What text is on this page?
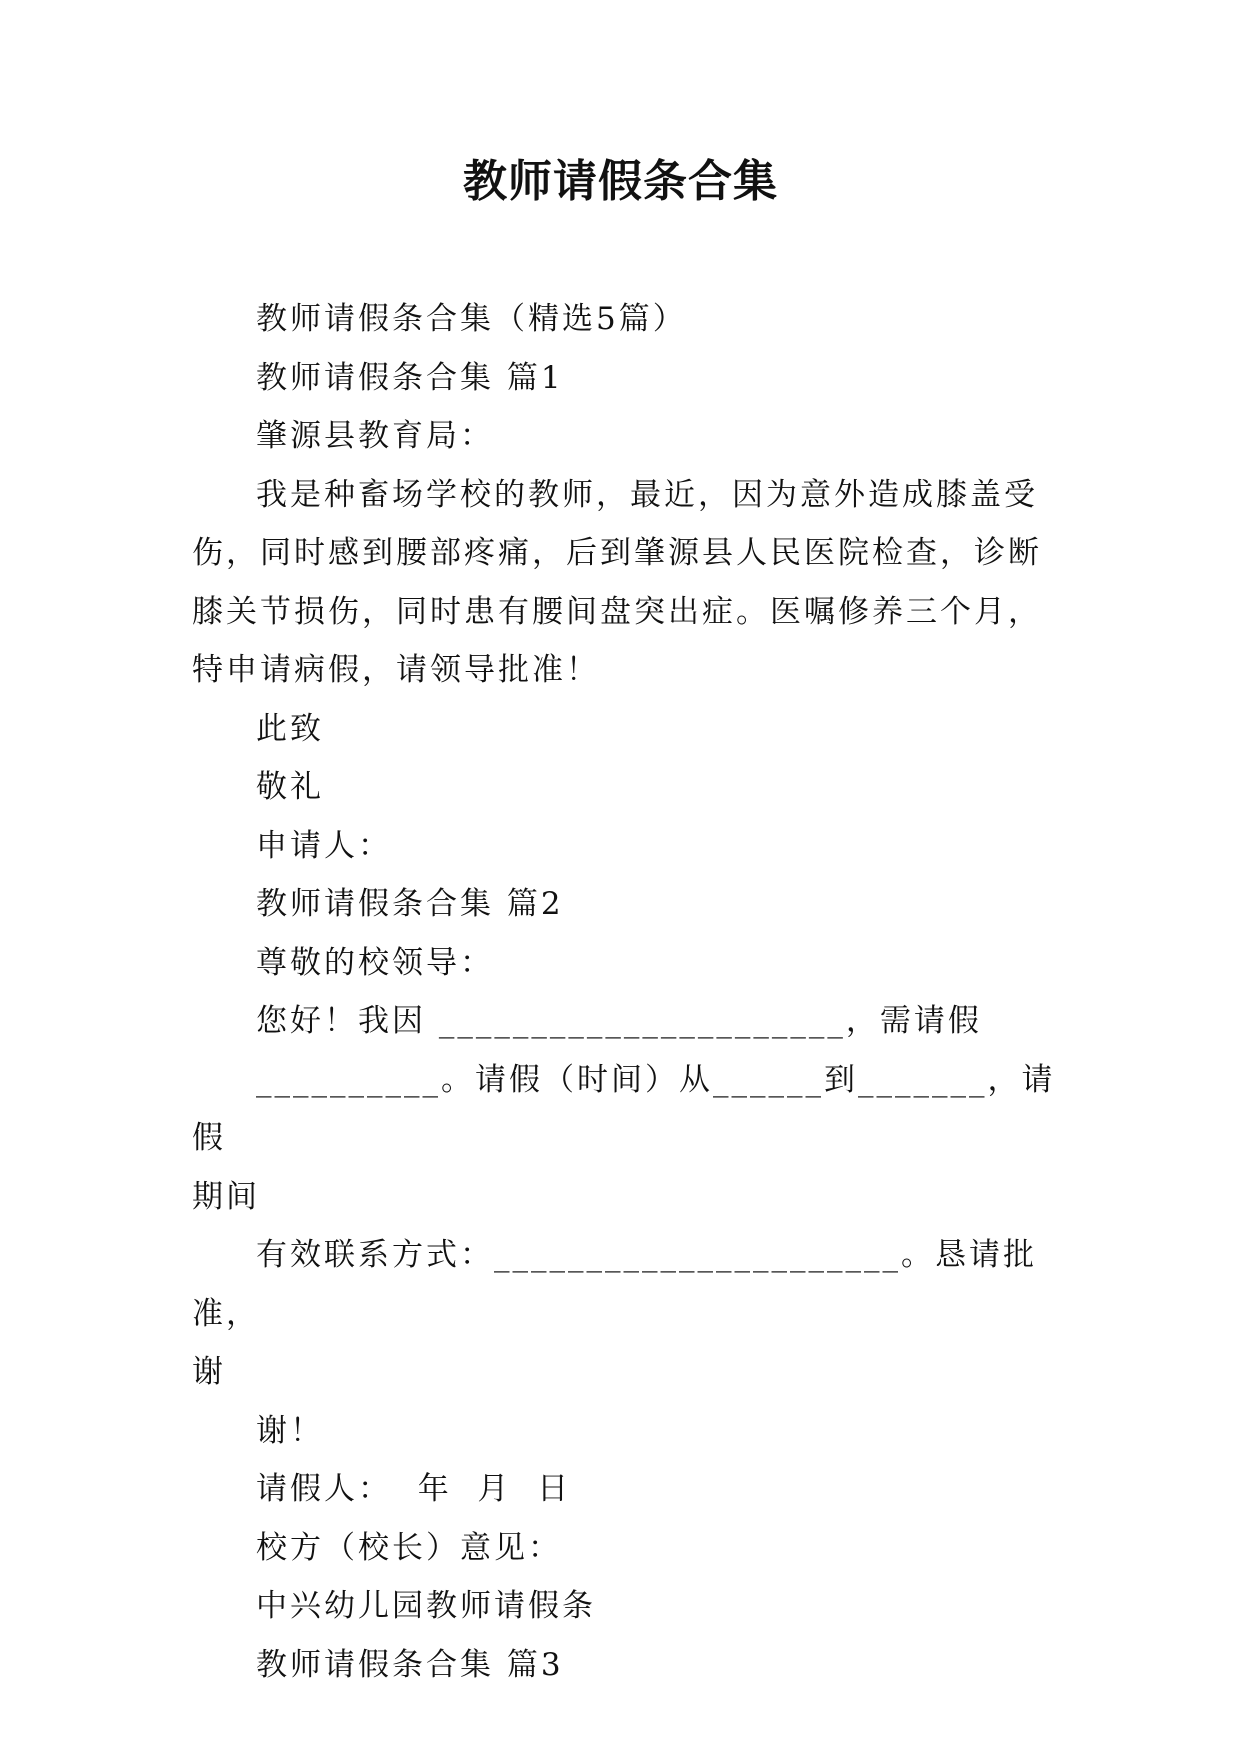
教师请假条合集

教师请假条合集（精选5篇）

教师请假条合集 篇1

肇源县教育局：

我是种畜场学校的教师，最近，因为意外造成膝盖受伤，同时感到腰部疼痛，后到肇源县人民医院检查，诊断膝关节损伤，同时患有腰间盘突出症。医嘱修养三个月，特申请病假，请领导批准！

此致

敬礼

申请人：

教师请假条合集 篇2

尊敬的校领导：

您好！我因 ______________________，需请假

__________。请假（时间）从______到_______，请假

期间

有效联系方式：______________________。恳请批准，

谢

谢！

请假人：  年  月  日

校方（校长）意见：

中兴幼儿园教师请假条

教师请假条合集 篇3
